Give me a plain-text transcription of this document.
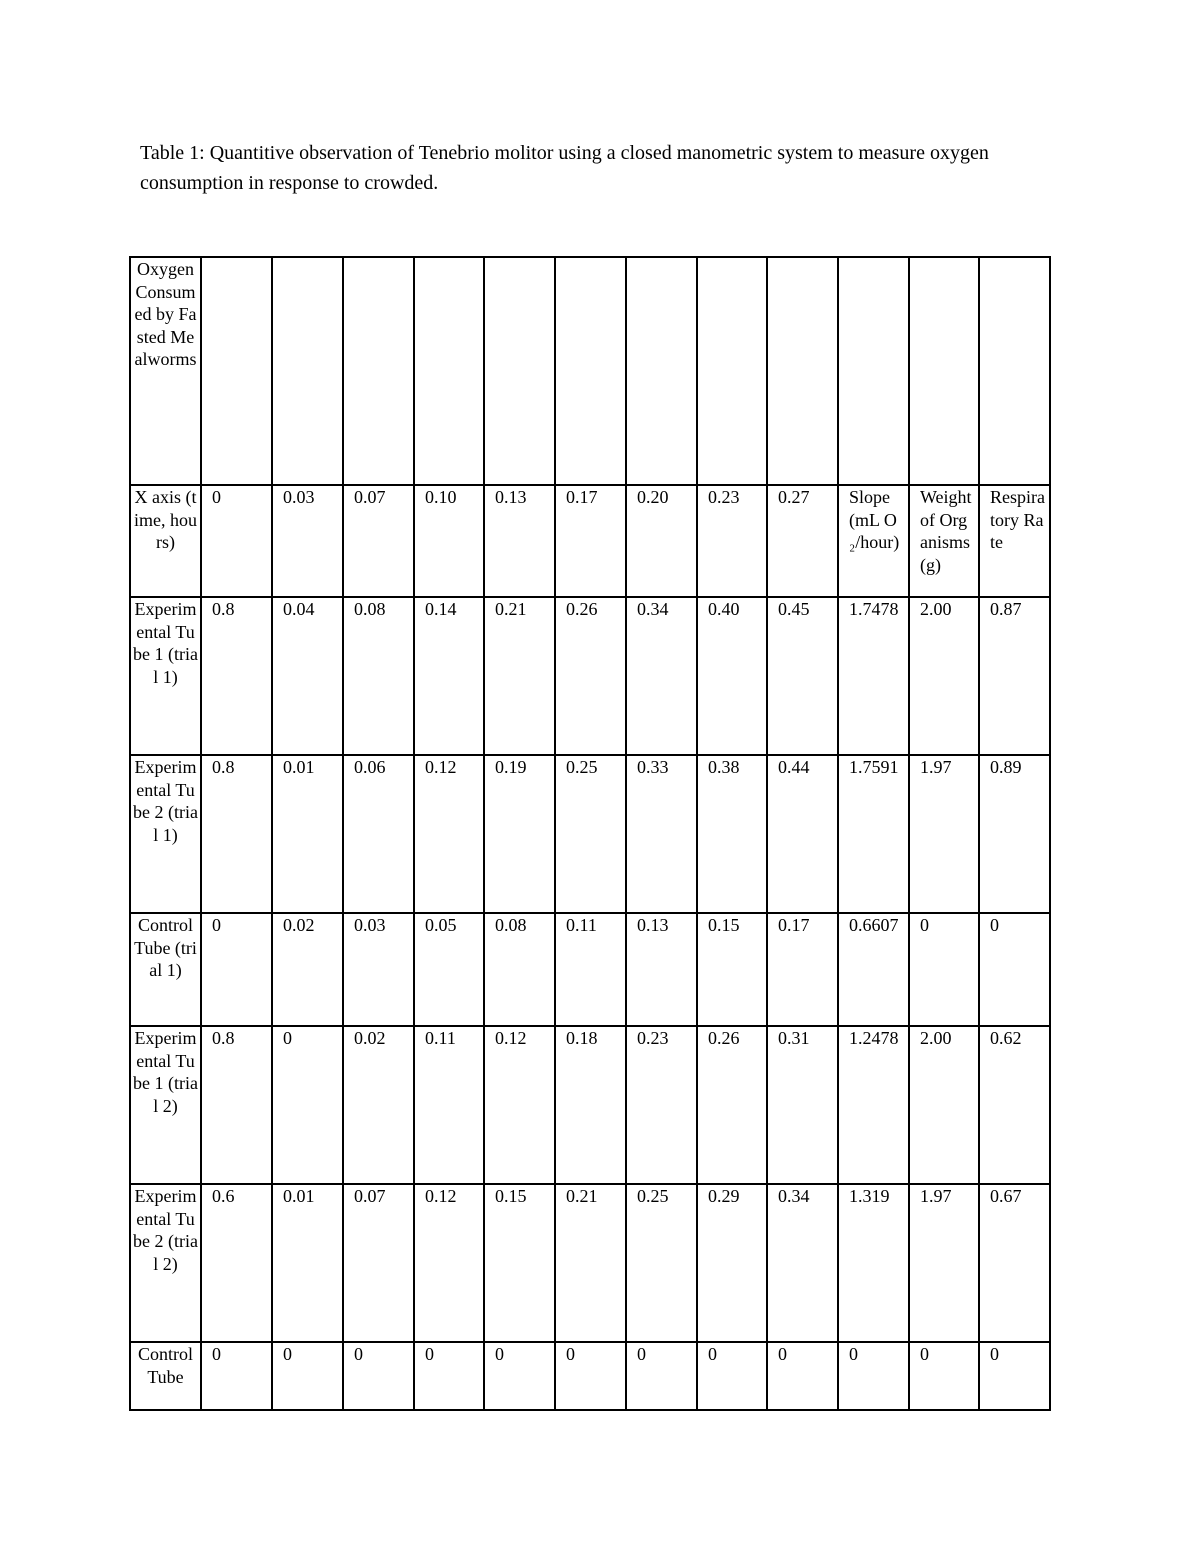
Table 1: Quantitive observation of Tenebrio molitor using a closed manometric system to measure oxygen consumption in response to crowded.

Oxygen Consumed by Fasted Mealworms												
X axis (time, hours)	0	0.03	0.07	0.10	0.13	0.17	0.20	0.23	0.27	Slope (mL O₂/hour)	Weight of Organisms (g)	Respiratory Rate
Experimental Tube 1 (trial 1)	0.8	0.04	0.08	0.14	0.21	0.26	0.34	0.40	0.45	1.7478	2.00	0.87
Experimental Tube 2 (trial 1)	0.8	0.01	0.06	0.12	0.19	0.25	0.33	0.38	0.44	1.7591	1.97	0.89
Control Tube (trial 1)	0	0.02	0.03	0.05	0.08	0.11	0.13	0.15	0.17	0.6607	0	0
Experimental Tube 1 (trial 2)	0.8	0	0.02	0.11	0.12	0.18	0.23	0.26	0.31	1.2478	2.00	0.62
Experimental Tube 2 (trial 2)	0.6	0.01	0.07	0.12	0.15	0.21	0.25	0.29	0.34	1.319	1.97	0.67
Control Tube	0	0	0	0	0	0	0	0	0	0	0	0
